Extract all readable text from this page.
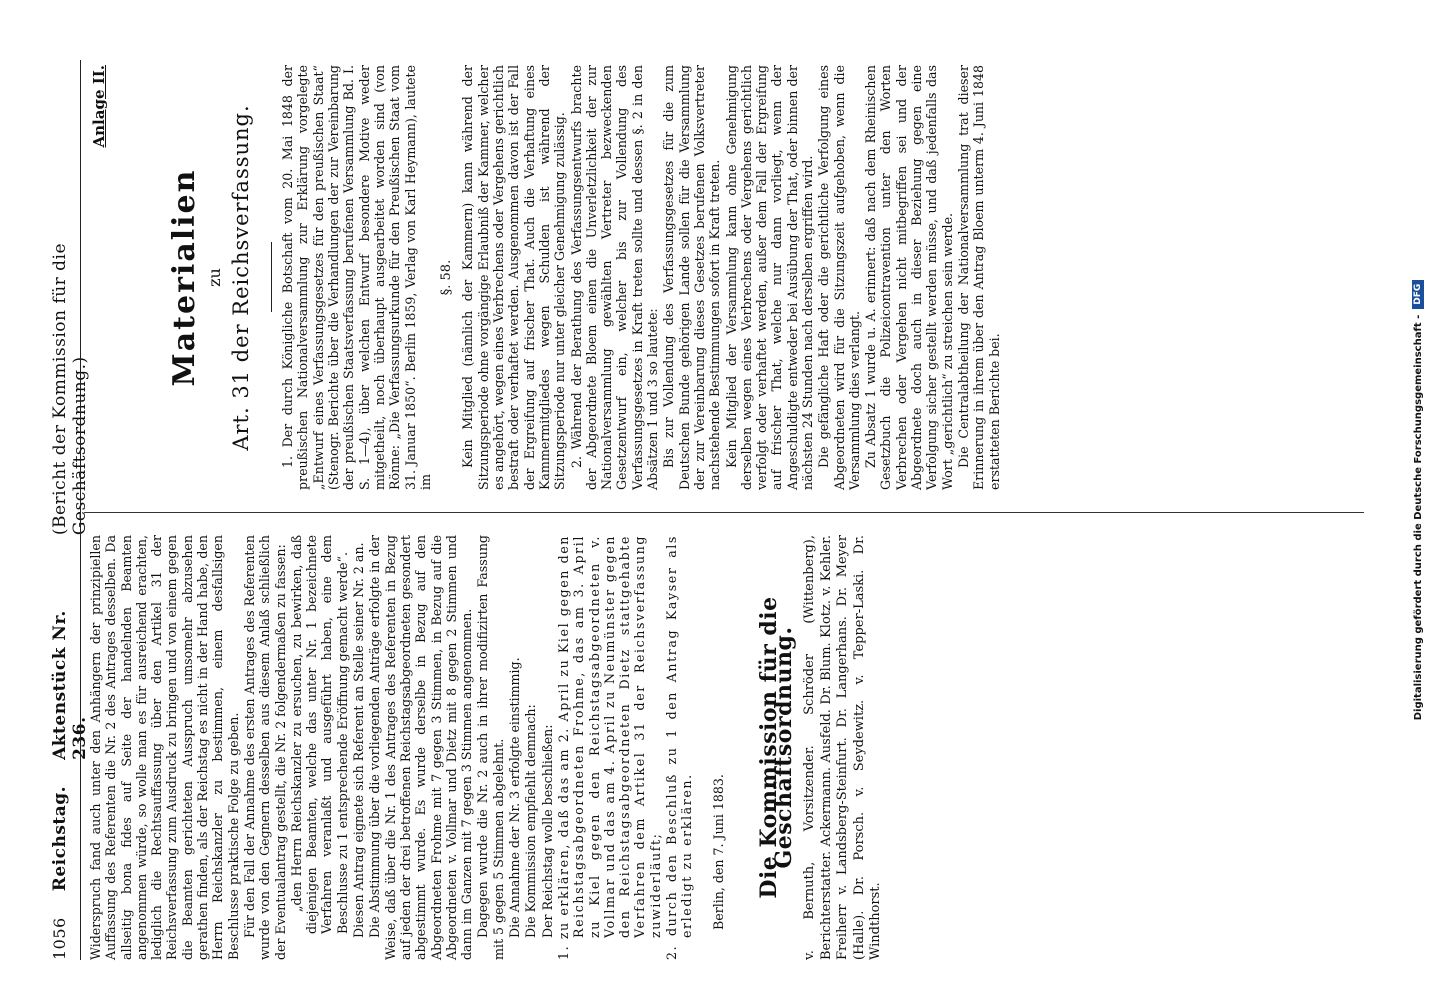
1056
Reichstag.
Aktenstück Nr. 236.
(Bericht der Kommission für die Geschäftsordnung.)

Widerspruch fand auch unter den Anhängern der prinzipiellen Auffassung des Referenten die Nr. 2 des Antrages desselben. Da allseitig bona fides auf Seite der handelnden Beamten angenommen würde, so wolle man es für ausreichend erachten, lediglich die Rechtsauffassung über den Artikel 31 der Reichsverfassung zum Ausdruck zu bringen und von einem gegen die Beamten gerichteten Ausspruch umsomehr abzusehen gerathen finden, als der Reichstag es nicht in der Hand habe, den Herrn Reichskanzler zu bestimmen, einem desfallsigen Beschlusse praktische Folge zu geben. Für den Fall der Annahme des ersten Antrages des Referenten wurde von den Gegnern desselben aus diesem Anlaß schließlich der Eventualantrag gestellt, die Nr. 2 folgendermaßen zu fassen: „den Herrn Reichskanzler zu ersuchen, zu bewirken, daß diejenigen Beamten, welche das unter Nr. 1 bezeichnete Verfahren veranlaßt und ausgeführt haben, eine dem Beschlusse zu 1 entsprechende Eröffnung gemacht werde“. Diesen Antrag eignete sich Referent an Stelle seiner Nr. 2 an. Die Abstimmung über die vorliegenden Anträge erfolgte in der Weise, daß über die Nr. 1 des Antrages des Referenten in Bezug auf jeden der drei betroffenen Reichstagsabgeordneten gesondert abgestimmt wurde. Es wurde derselbe in Bezug auf den Abgeordneten Frohme mit 7 gegen 3 Stimmen, in Bezug auf die Abgeordneten v. Vollmar und Dietz mit 8 gegen 2 Stimmen und dann im Ganzen mit 7 gegen 3 Stimmen angenommen. Dagegen wurde die Nr. 2 auch in ihrer modifizirten Fassung mit 5 gegen 5 Stimmen abgelehnt. Die Annahme der Nr. 3 erfolgte einstimmig. Die Kommission empfiehlt demnach: Der Reichstag wolle beschließen: 1. zu erklären, daß das am 2. April zu Kiel gegen den Reichstagsabgeordneten Frohme, das am 3. April zu Kiel gegen den Reichstagsabgeordneten v. Vollmar und das am 4. April zu Neumünster gegen den Reichstagsabgeordneten Dietz stattgehabte Verfahren dem Artikel 31 der Reichsverfassung zuwiderläuft; 2. durch den Beschluß zu 1 den Antrag Kayser als erledigt zu erklären. Berlin, den 7. Juni 1883. Die Kommission für die Geschäftsordnung. v. Bernuth, Vorsitzender. Schröder (Wittenberg), Berichterstatter. Ackermann. Ausfeld. Dr. Blum. Klotz. v. Kehler. Freiherr v. Landsberg-Steinfurt. Dr. Langerhans. Dr. Meyer (Halle). Dr. Porsch. v. Seydewitz. v. Tepper-Laski. Dr. Windthorst.

Anlage II.
Materialien zu Art. 31 der Reichsverfassung. 1. Der durch Königliche Botschaft vom 20. Mai 1848 der preußischen Nationalversammlung zur Erklärung vorgelegte „Entwurf eines Verfassungsgesetzes für den preußischen Staat“ (Stenogr. Berichte über die Verhandlungen der zur Vereinbarung der preußischen Staatsverfassung berufenen Versammlung Bd. I. S. 1—4), über welchen Entwurf besondere Motive weder mitgetheilt, noch überhaupt ausgearbeitet worden sind (von Rönne: „Die Verfassungsurkunde für den Preußischen Staat vom 31. Januar 1850“. Berlin 1859, Verlag von Karl Heymann), lautete im

§. 58. Kein Mitglied (nämlich der Kammern) kann während der Sitzungsperiode ohne vorgängige Erlaubniß der Kammer, welcher es angehört, wegen eines Verbrechens oder Vergehens gerichtlich bestraft oder verhaftet werden. Ausgenommen davon ist der Fall der Ergreifung auf frischer That. Auch die Verhaftung eines Kammermitgliedes wegen Schulden ist während der Sitzungsperiode nur unter gleicher Genehmigung zulässig. 2. Während der Berathung des Verfassungsentwurfs brachte der Abgeordnete Bloem einen die Unverletzlichkeit der zur Nationalversammlung gewählten Vertreter bezweckenden Gesetzentwurf ein, welcher bis zur Vollendung des Verfassungsgesetzes in Kraft treten sollte und dessen §. 2 in den Absätzen 1 und 3 so lautete: Bis zur Vollendung des Verfassungsgesetzes für die zum Deutschen Bunde gehörigen Lande sollen für die Versammlung der zur Vereinbarung dieses Gesetzes berufenen Volksvertreter nachstehende Bestimmungen sofort in Kraft treten. Kein Mitglied der Versammlung kann ohne Genehmigung derselben wegen eines Verbrechens oder Vergehens gerichtlich verfolgt oder verhaftet werden, außer dem Fall der Ergreifung auf frischer That, welche nur dann vorliegt, wenn der Angeschuldigte entweder bei Ausübung der That, oder binnen der nächsten 24 Stunden nach derselben ergriffen wird. Die gefängliche Haft oder die gerichtliche Verfolgung eines Abgeordneten wird für die Sitzungszeit aufgehoben, wenn die Versammlung dies verlangt. Zu Absatz 1 wurde u. A. erinnert: daß nach dem Rheinischen Gesetzbuch die Polizeicontravention unter den Worten Verbrechen oder Vergehen nicht mitbegriffen sei und der Abgeordnete doch auch in dieser Beziehung gegen eine Verfolgung sicher gestellt werden müsse, und daß jedenfalls das Wort „gerichtlich“ zu streichen sein werde. Die Centralabtheilung der Nationalversammlung trat dieser Erinnerung in ihrem über den Antrag Bloem unterm 4. Juni 1848 erstatteten Berichte bei.	Digitalisierung gefördert durch die Deutsche Forschungsgemeinschaft -DFG
